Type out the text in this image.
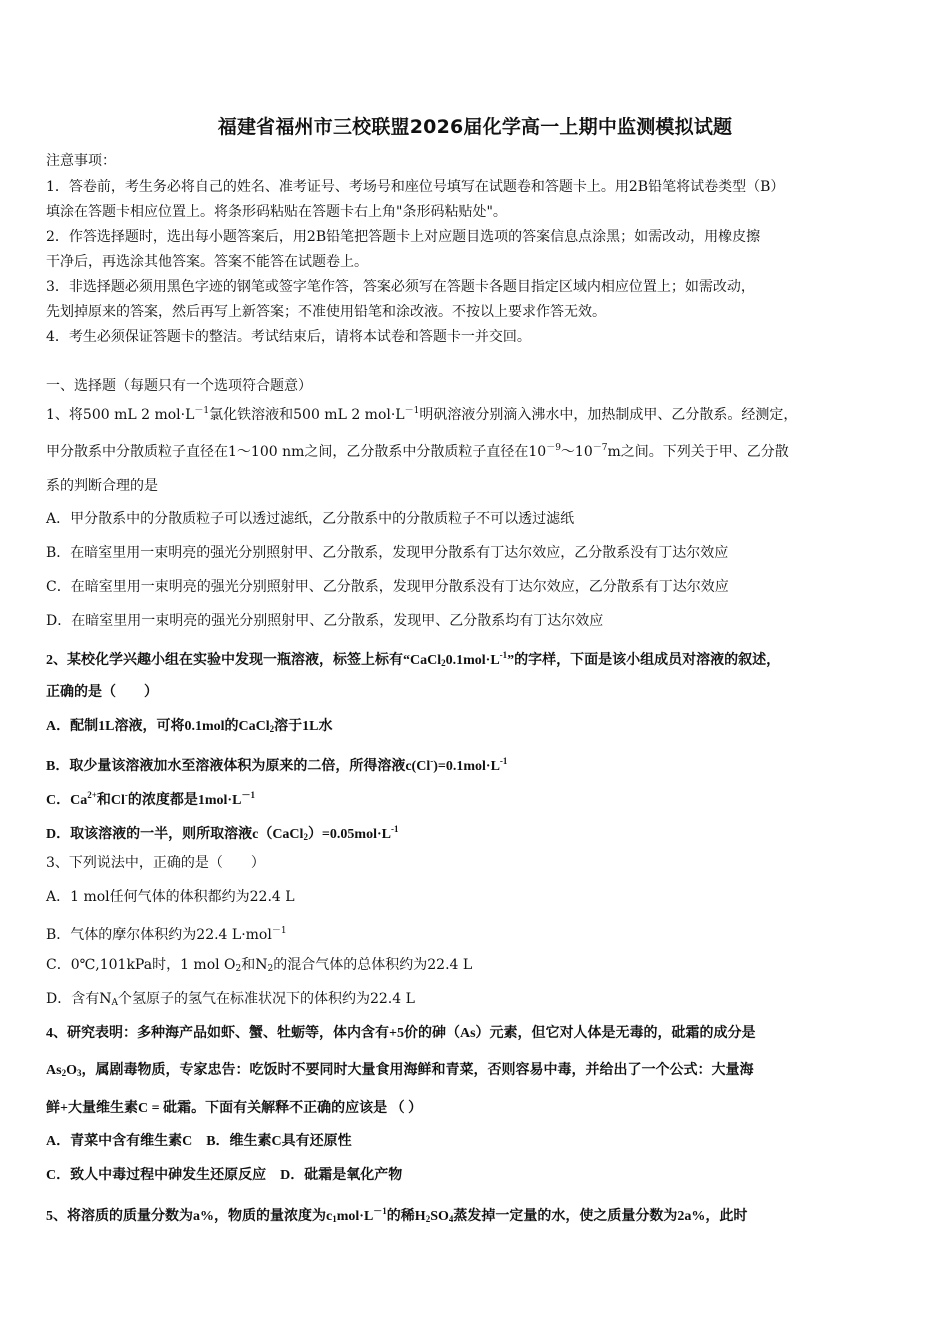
福建省福州市三校联盟2026届化学高一上期中监测模拟试题
注意事项：
1．答卷前，考生务必将自己的姓名、准考证号、考场号和座位号填写在试题卷和答题卡上。用2B铅笔将试卷类型（B）
填涂在答题卡相应位置上。将条形码粘贴在答题卡右上角"条形码粘贴处"。
2．作答选择题时，选出每小题答案后，用2B铅笔把答题卡上对应题目选项的答案信息点涂黑；如需改动，用橡皮擦
干净后，再选涂其他答案。答案不能答在试题卷上。
3．非选择题必须用黑色字迹的钢笔或签字笔作答，答案必须写在答题卡各题目指定区域内相应位置上；如需改动，
先划掉原来的答案，然后再写上新答案；不准使用铅笔和涂改液。不按以上要求作答无效。
4．考生必须保证答题卡的整洁。考试结束后，请将本试卷和答题卡一并交回。
一、选择题（每题只有一个选项符合题意）
1、将500 mL 2 $mol\cdot L^{-1}$氯化铁溶液和500 mL 2 $mol\cdot L^{-1}$明矾溶液分别滴入沸水中，加热制成甲、乙分散系。经测定，
甲分散系中分散质粒子直径在1～100 nm之间，乙分散系中分散质粒子直径在$10^{-9}\sim 10^{-7}m$之间。下列关于甲、乙分散
系的判断合理的是
A．甲分散系中的分散质粒子可以透过滤纸，乙分散系中的分散质粒子不可以透过滤纸
B．在暗室里用一束明亮的强光分别照射甲、乙分散系，发现甲分散系有丁达尔效应，乙分散系没有丁达尔效应
C．在暗室里用一束明亮的强光分别照射甲、乙分散系，发现甲分散系没有丁达尔效应，乙分散系有丁达尔效应
D．在暗室里用一束明亮的强光分别照射甲、乙分散系，发现甲、乙分散系均有丁达尔效应
2、某校化学兴趣小组在实验中发现一瓶溶液，标签上标有“$CaCl_20.1mol\cdot L^{-1}$”的字样，下面是该小组成员对溶液的叙述，
正确的是（　　）
A．配制1L溶液，可将0.1mol的CaCl$_2$溶于1L水
B．取少量该溶液加水至溶液体积为原来的二倍，所得溶液$c(Cl^-)=0.1mol\cdot L^{-1}$
C．$Ca^{2+}$和Cl-的浓度都是$1mol\cdot L^{-1}$
D．取该溶液的一半，则所取溶液$c(CaCl_2)=0.05mol\cdot L^{-1}$
3、下列说法中，正确的是（　　）
A．1 mol任何气体的体积都约为22.4 L
B．气体的摩尔体积约为22.4 L·mol$^{-1}$
C．0℃,101kPa时，1 mol $O_2$和$N_2$的混合气体的总体积约为22.4 L
D．含有$N_A$个氢原子的氢气在标准状况下的体积约为22.4 L
4、研究表明：多种海产品如虾、蟹、牡蛎等，体内含有+5价的砷（As）元素，但它对人体是无毒的，砒霜的成分是
$As_2O_3$，属剧毒物质，专家忠告：吃饭时不要同时大量食用海鲜和青菜，否则容易中毒，并给出了一个公式：大量海
鲜+大量维生素C = 砒霜。下面有关解释不正确的应该是 （ ）
A．青菜中含有维生素C　B．维生素C具有还原性
C．致人中毒过程中砷发生还原反应　D．砒霜是氧化产物
5、将溶质的质量分数为a%，物质的量浓度为$c_1mol\cdot L^{-1}$的稀$H_2SO_4$蒸发掉一定量的水，使之质量分数为2a%，此时
